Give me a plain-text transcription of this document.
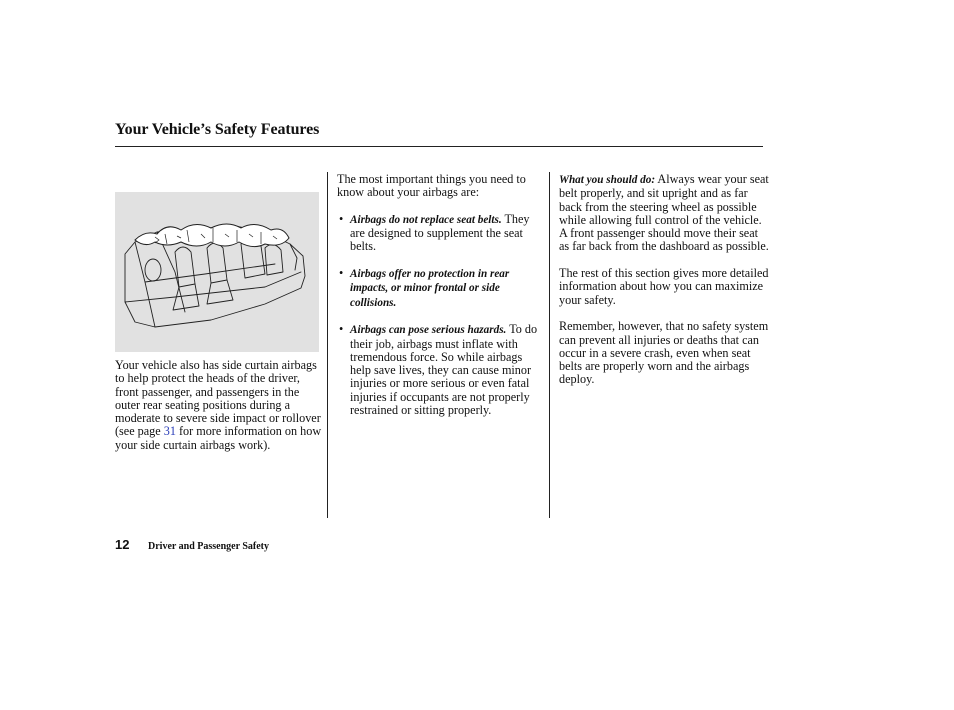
Your Vehicle’s Safety Features

Your vehicle also has side curtain airbags to help protect the heads of the driver, front passenger, and passengers in the outer rear seating positions during a moderate to severe side impact or rollover (see page 31 for more information on how your side curtain airbags work).

The most important things you need to know about your airbags are:

• Airbags do not replace seat belts. They are designed to supplement the seat belts.
• Airbags offer no protection in rear impacts, or minor frontal or side collisions.
• Airbags can pose serious hazards. To do their job, airbags must inflate with tremendous force. So while airbags help save lives, they can cause minor injuries or more serious or even fatal injuries if occupants are not properly restrained or sitting properly.

What you should do: Always wear your seat belt properly, and sit upright and as far back from the steering wheel as possible while allowing full control of the vehicle. A front passenger should move their seat as far back from the dashboard as possible.

The rest of this section gives more detailed information about how you can maximize your safety.

Remember, however, that no safety system can prevent all injuries or deaths that can occur in a severe crash, even when seat belts are properly worn and the airbags deploy.

12 Driver and Passenger Safety
